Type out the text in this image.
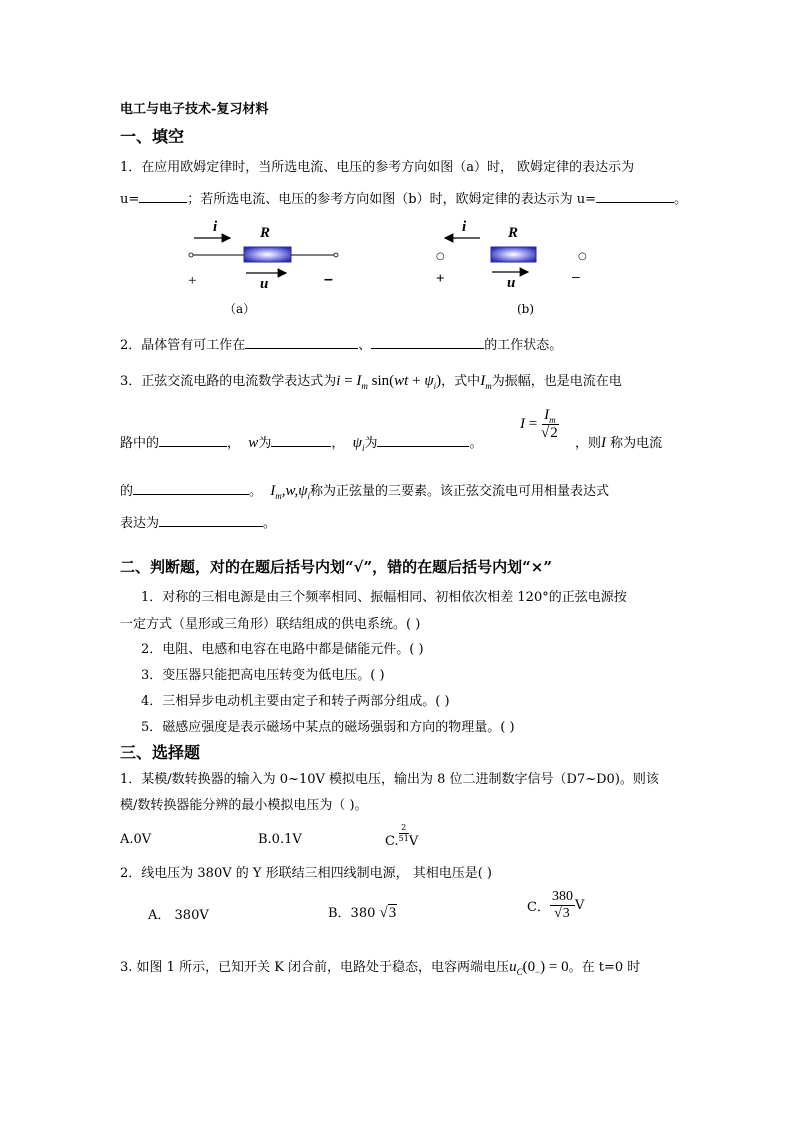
电工与电子技术-复习材料
一、填空
1．在应用欧姆定律时，当所选电流、电压的参考方向如图（a）时， 欧姆定律的表达示为
u=	；若所选电流、电压的参考方向如图（b）时，欧姆定律的表达示为 u=	。
i	R
+	u	–
（a）
i	R
○	○
+	u	–
(b)
2．晶体管有可工作在	、	的工作状态。
3．正弦交流电路的电流数学表达式为$i = I_m$ $\sin(wt + \psi_i)$，式中$I_m$为振幅，也是电流在电
路中的	， w为	， $\psi_i$为	。
$I = \frac{I_m}{√2}$
，则I 称为电流
的	。 $I_m,w,\psi_i$称为正弦量的三要素。该正弦交流电可用相量表达式
表达为	。
二、判断题，对的在题后括号内划“√”，错的在题后括号内划“×”
1．对称的三相电源是由三个频率相同、振幅相同、初相依次相差 120°的正弦电源按
一定方式（星形或三角形）联结组成的供电系统。( )
2．电阻、电感和电容在电路中都是储能元件。( )
3．变压器只能把高电压转变为低电压。( )
4．三相异步电动机主要由定子和转子两部分组成。( )
5．磁感应强度是表示磁场中某点的磁场强弱和方向的物理量。( )
三、选择题
1．某模/数转换器的输入为 0~10V 模拟电压，输出为 8 位二进制数字信号（D7~D0)。则该
模/数转换器能分辨的最小模拟电压为（ )。
A.0V	B.0.1V	C. $\frac{2}{51}$ V
2．线电压为 380V 的 Y 形联结三相四线制电源， 其相电压是( )
A． 380V	B．380 √3	C． $\frac{380}{√3}$ V
3. 如图 1 所示，已知开关 K 闭合前，电路处于稳态，电容两端电压$u_C(0_-) = 0$。在 t=0 时
